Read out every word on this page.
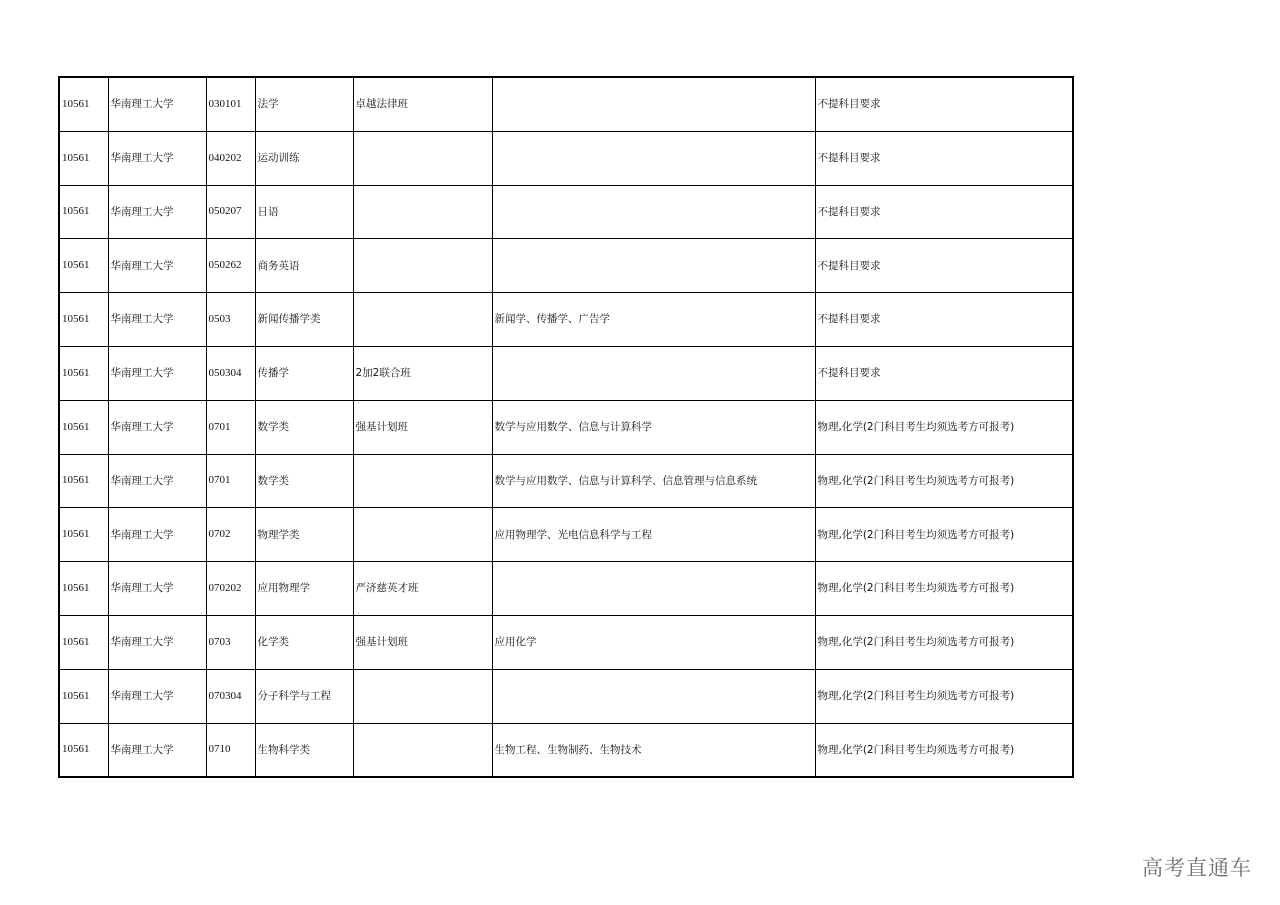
10561	华南理工大学	030101	法学	卓越法律班		不提科目要求
10561	华南理工大学	040202	运动训练			不提科目要求
10561	华南理工大学	050207	日语			不提科目要求
10561	华南理工大学	050262	商务英语			不提科目要求
10561	华南理工大学	0503	新闻传播学类		新闻学、传播学、广告学	不提科目要求
10561	华南理工大学	050304	传播学	2加2联合班		不提科目要求
10561	华南理工大学	0701	数学类	强基计划班	数学与应用数学、信息与计算科学	物理,化学(2门科目考生均须选考方可报考)
10561	华南理工大学	0701	数学类		数学与应用数学、信息与计算科学、信息管理与信息系统	物理,化学(2门科目考生均须选考方可报考)
10561	华南理工大学	0702	物理学类		应用物理学、光电信息科学与工程	物理,化学(2门科目考生均须选考方可报考)
10561	华南理工大学	070202	应用物理学	严济慈英才班		物理,化学(2门科目考生均须选考方可报考)
10561	华南理工大学	0703	化学类	强基计划班	应用化学	物理,化学(2门科目考生均须选考方可报考)
10561	华南理工大学	070304	分子科学与工程			物理,化学(2门科目考生均须选考方可报考)
10561	华南理工大学	0710	生物科学类		生物工程、生物制药、生物技术	物理,化学(2门科目考生均须选考方可报考)
高考直通车
